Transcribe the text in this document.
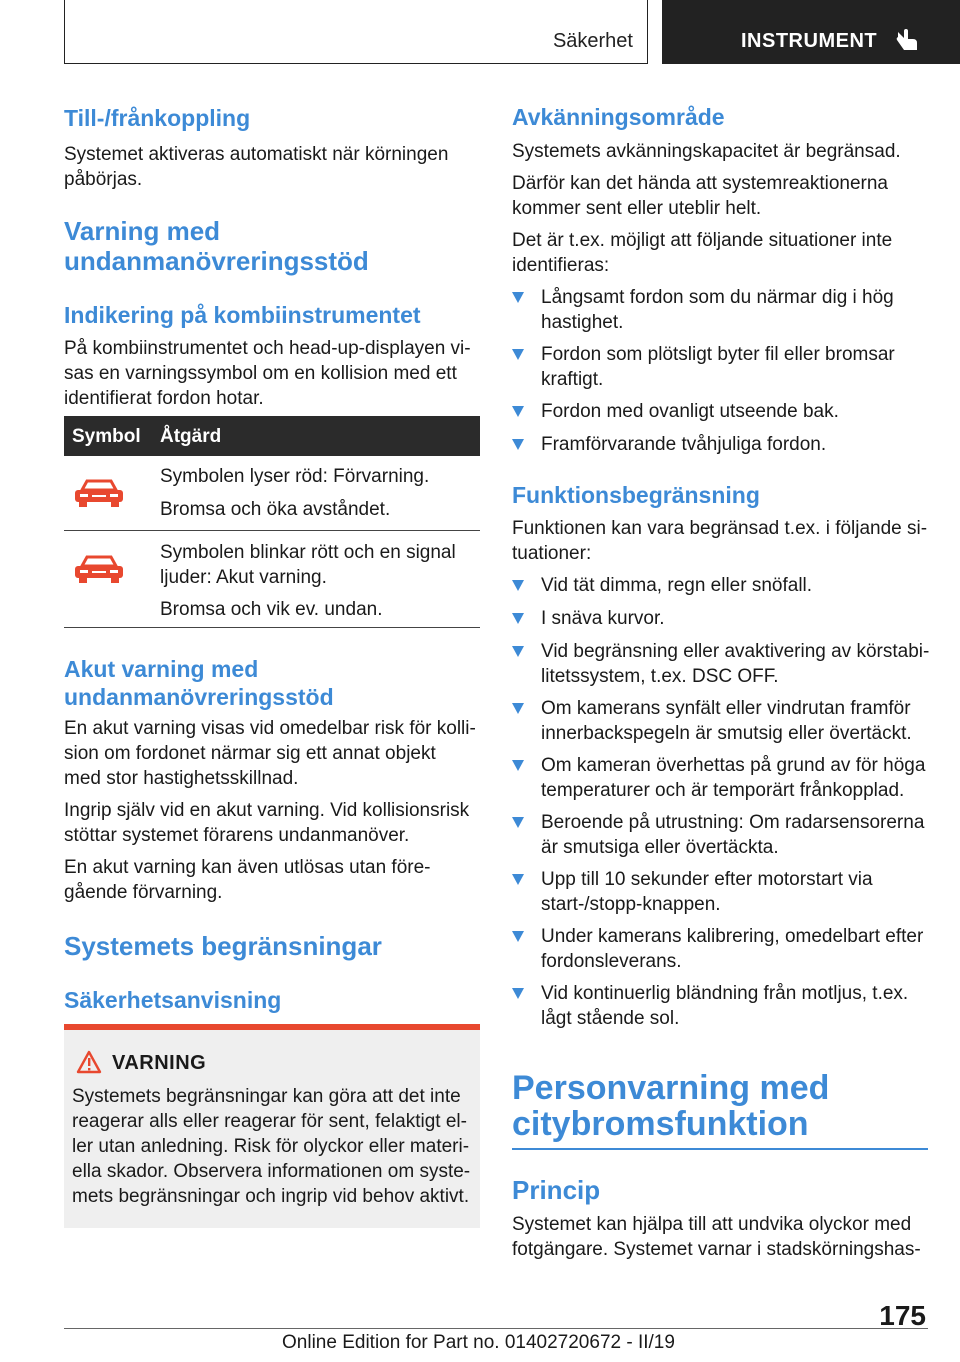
Säkerhet	INSTRUMENT
Till-/frånkoppling

Systemet aktiveras automatiskt när körningen påbörjas.

Varning med
undanmanövreringsstöd
Indikering på kombiinstrumentet

På kombiinstrumentet och head-up-displayen vi-

sas en varningssymbol om en kollision med ett

identifierat fordon hotar.

Symbol Åtgärd
Symbolen lyser röd: Förvarning.
Bromsa och öka avståndet.
Symbolen blinkar rött och en signal
ljuder: Akut varning.
Bromsa och vik ev. undan.
Akut varning med
undanmanövreringsstöd

En akut varning visas vid omedelbar risk för kolli-

sion om fordonet närmar sig ett annat objekt

med stor hastighetsskillnad.

Ingrip själv vid en akut varning. Vid kollisionsrisk

stöttar systemet förarens undanmanöver.

En akut varning kan även utlösas utan före-

gående förvarning.

Systemets begränsningar
Säkerhetsanvisning
VARNING

Systemets begränsningar kan göra att det inte

reagerar alls eller reagerar för sent, felaktigt el-

ler utan anledning. Risk för olyckor eller materi-

ella skador. Observera informationen om syste-

mets begränsningar och ingrip vid behov aktivt.

Avkänningsområde

Systemets avkänningskapacitet är begränsad.

Därför kan det hända att systemreaktionerna

kommer sent eller uteblir helt.

Det är t.ex. möjligt att följande situationer inte

identifieras:

Långsamt fordon som du närmar dig i hög
hastighet.
Fordon som plötsligt byter fil eller bromsar
kraftigt.
Fordon med ovanligt utseende bak.
Framförvarande tvåhjuliga fordon.
Funktionsbegränsning

Funktionen kan vara begränsad t.ex. i följande si-

tuationer:

Vid tät dimma, regn eller snöfall.
I snäva kurvor.
Vid begränsning eller avaktivering av körstabi-
litetssystem, t.ex. DSC OFF.
Om kamerans synfält eller vindrutan framför
innerbackspegeln är smutsig eller övertäckt.
Om kameran överhettas på grund av för höga
temperaturer och är temporärt frånkopplad.
Beroende på utrustning: Om radarsensorerna
är smutsiga eller övertäckta.
Upp till 10 sekunder efter motorstart via
start-/stopp-knappen.
Under kamerans kalibrering, omedelbart efter
fordonsleverans.
Vid kontinuerlig bländning från motljus, t.ex.
lågt stående sol.
Personvarning med
citybromsfunktion
Princip

Systemet kan hjälpa till att undvika olyckor med

fotgängare. Systemet varnar i stadskörningshas-

175
Online Edition for Part no. 01402720672 - II/19
